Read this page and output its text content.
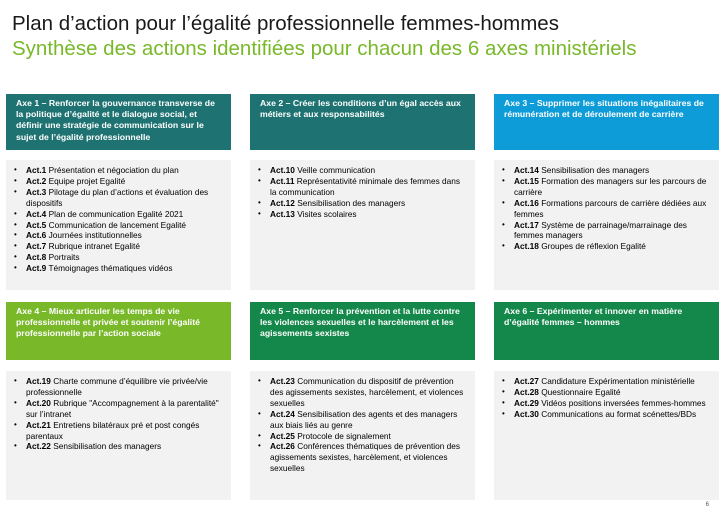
Plan d’action pour l’égalité professionnelle femmes-hommes
Synthèse des actions identifiées pour chacun des 6 axes ministériels
Axe 1 – Renforcer la gouvernance transverse de la politique d’égalité et le dialogue social, et définir une stratégie de communication sur le sujet de l’égalité professionnelle
• Act.1 Présentation et négociation du plan
• Act.2 Equipe projet Egalité
• Act.3 Pilotage du plan d’actions et évaluation des dispositifs
• Act.4 Plan de communication Egalité 2021
• Act.5 Communication de lancement Egalité
• Act.6 Journées institutionnelles
• Act.7 Rubrique intranet Egalité
• Act.8 Portraits
• Act.9 Témoignages thématiques vidéos
Axe 2 – Créer les conditions d’un égal accès aux métiers et aux responsabilités
• Act.10 Veille communication
• Act.11 Représentativité minimale des femmes dans la communication
• Act.12 Sensibilisation des managers
• Act.13 Visites scolaires
Axe 3 – Supprimer les situations inégalitaires de rémunération et de déroulement de carrière
• Act.14 Sensibilisation des managers
• Act.15 Formation des managers sur les parcours de carrière
• Act.16 Formations parcours de carrière dédiées aux femmes
• Act.17 Système de parrainage/marrainage des femmes managers
• Act.18 Groupes de réflexion Egalité
Axe 4 – Mieux articuler les temps de vie professionnelle et privée et soutenir l’égalité professionnelle par l’action sociale
• Act.19 Charte commune d’équilibre vie privée/vie professionnelle
• Act.20 Rubrique "Accompagnement à la parentalité" sur l’intranet
• Act.21 Entretiens bilatéraux pré et post congés parentaux
• Act.22 Sensibilisation des managers
Axe 5 – Renforcer la prévention et la lutte contre les violences sexuelles et le harcèlement et les agissements sexistes
• Act.23 Communication du dispositif de prévention des agissements sexistes, harcèlement, et violences sexuelles
• Act.24 Sensibilisation des agents et des managers aux biais liés au genre
• Act.25 Protocole de signalement
• Act.26 Conférences thématiques de prévention des agissements sexistes, harcèlement, et violences sexuelles
Axe 6 – Expérimenter et innover en matière d’égalité femmes – hommes
• Act.27 Candidature Expérimentation ministérielle
• Act.28 Questionnaire Egalité
• Act.29 Vidéos positions inversées femmes-hommes
• Act.30 Communications au format scénettes/BDs
6
